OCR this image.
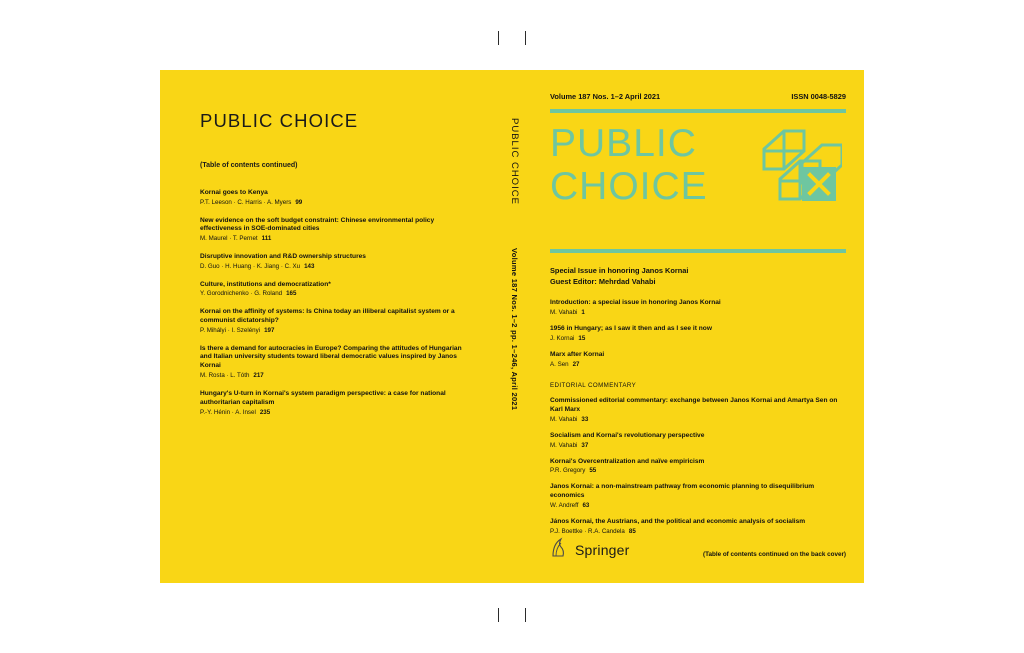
PUBLIC CHOICE
(Table of contents continued)

Kornai goes to Kenya

P.T. Leeson · C. Harris · A. Myers 99

New evidence on the soft budget constraint: Chinese environmental policy effectiveness in SOE-dominated cities

M. Maurel · T. Pernet 111

Disruptive innovation and R&D ownership structures

D. Guo · H. Huang · K. Jiang · C. Xu 143

Culture, institutions and democratization*

Y. Gorodnichenko · G. Roland 165

Kornai on the affinity of systems: Is China today an illiberal capitalist system or a communist dictatorship?

P. Mihályi · I. Szelényi 197

Is there a demand for autocracies in Europe? Comparing the attitudes of Hungarian and Italian university students toward liberal democratic values inspired by Janos Kornai

M. Rosta · L. Tóth 217

Hungary's U-turn in Kornai's system paradigm perspective: a case for national authoritarian capitalism

P.-Y. Hénin · A. Insel 235

PUBLIC CHOICE
Volume 187 Nos. 1–2 pp. 1–246, April 2021
Volume 187 Nos. 1–2 April 2021	ISSN 0048-5829
PUBLIC
CHOICE
Special Issue in honoring Janos Kornai
Guest Editor: Mehrdad Vahabi

Introduction: a special issue in honoring Janos Kornai

M. Vahabi 1

1956 in Hungary; as I saw it then and as I see it now

J. Kornai 15

Marx after Kornai

A. Sen 27

EDITORIAL COMMENTARY

Commissioned editorial commentary: exchange between Janos Kornai and Amartya Sen on Karl Marx

M. Vahabi 33

Socialism and Kornai's revolutionary perspective

M. Vahabi 37

Kornai's Overcentralization and naïve empiricism

P.R. Gregory 55

Janos Kornai: a non-mainstream pathway from economic planning to disequilibrium economics

W. Andreff 63

János Kornai, the Austrians, and the political and economic analysis of socialism

P.J. Boettke · R.A. Candela 85

(Table of contents continued on the back cover)
Springer
